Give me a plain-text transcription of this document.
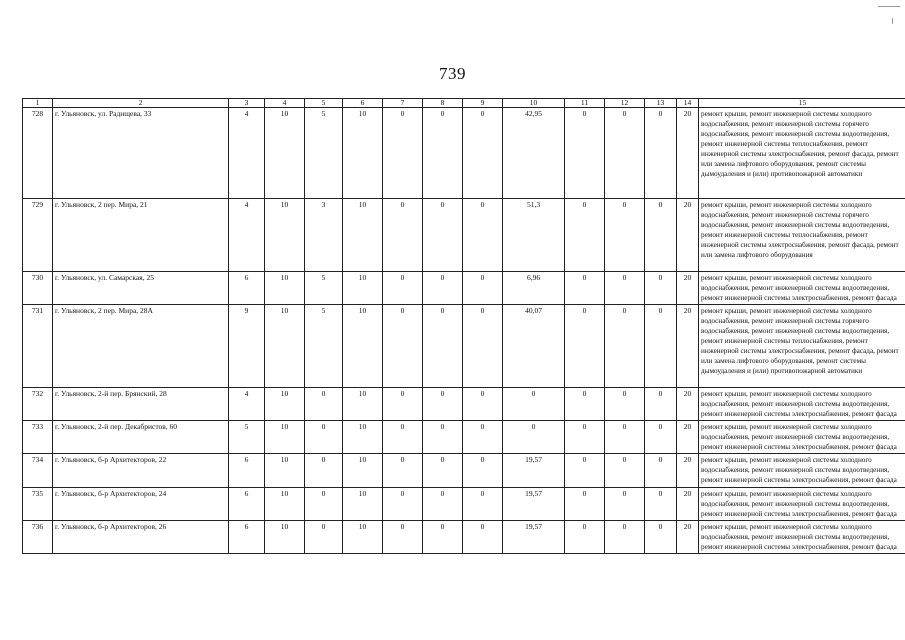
739
1	2	3	4	5	6	7	8	9	10	11	12	13	14	15
728	г. Ульяновск, ул. Радищева, 33	4	10	5	10	0	0	0	42,95	0	0	0	20	ремонт крыши, ремонт инженерной системы холодного водоснабжения, ремонт инженерной системы горячего водоснабжения, ремонт инженерной системы водоотведения, ремонт инженерной системы теплоснабжения, ремонт инженерной системы электроснабжения, ремонт фасада, ремонт или замена лифтового оборудования, ремонт системы дымоудаления и (или) противопожарной автоматики
729	г. Ульяновск, 2 пер. Мира, 21	4	10	3	10	0	0	0	51,3	0	0	0	20	ремонт крыши, ремонт инженерной системы холодного водоснабжения, ремонт инженерной системы горячего водоснабжения, ремонт инженерной системы водоотведения, ремонт инженерной системы теплоснабжения, ремонт инженерной системы электроснабжения, ремонт фасада, ремонт или замена лифтового оборудования
730	г. Ульяновск, ул. Самарская, 25	6	10	5	10	0	0	0	6,96	0	0	0	20	ремонт крыши, ремонт инженерной системы холодного водоснабжения, ремонт инженерной системы водоотведения, ремонт инженерной системы электроснабжения, ремонт фасада
731	г. Ульяновск, 2 пер. Мира, 28А	9	10	5	10	0	0	0	40,07	0	0	0	20	ремонт крыши, ремонт инженерной системы холодного водоснабжения, ремонт инженерной системы горячего водоснабжения, ремонт инженерной системы водоотведения, ремонт инженерной системы теплоснабжения, ремонт инженерной системы электроснабжения, ремонт фасада, ремонт или замена лифтового оборудования, ремонт системы дымоудаления и (или) противопожарной автоматики
732	г. Ульяновск, 2-й пер. Брянский, 28	4	10	0	10	0	0	0	0	0	0	0	20	ремонт крыши, ремонт инженерной системы холодного водоснабжения, ремонт инженерной системы водоотведения, ремонт инженерной системы электроснабжения, ремонт фасада
733	г. Ульяновск, 2-й пер. Декабристов, 60	5	10	0	10	0	0	0	0	0	0	0	20	ремонт крыши, ремонт инженерной системы холодного водоснабжения, ремонт инженерной системы водоотведения, ремонт инженерной системы электроснабжения, ремонт фасада
734	г. Ульяновск, б-р Архитекторов, 22	6	10	0	10	0	0	0	19,57	0	0	0	20	ремонт крыши, ремонт инженерной системы холодного водоснабжения, ремонт инженерной системы водоотведения, ремонт инженерной системы электроснабжения, ремонт фасада
735	г. Ульяновск, б-р Архитекторов, 24	6	10	0	10	0	0	0	19,57	0	0	0	20	ремонт крыши, ремонт инженерной системы холодного водоснабжения, ремонт инженерной системы водоотведения, ремонт инженерной системы электроснабжения, ремонт фасада
736	г. Ульяновск, б-р Архитекторов, 26	6	10	0	10	0	0	0	19,57	0	0	0	20	ремонт крыши, ремонт инженерной системы холодного водоснабжения, ремонт инженерной системы водоотведения, ремонт инженерной системы электроснабжения, ремонт фасада
